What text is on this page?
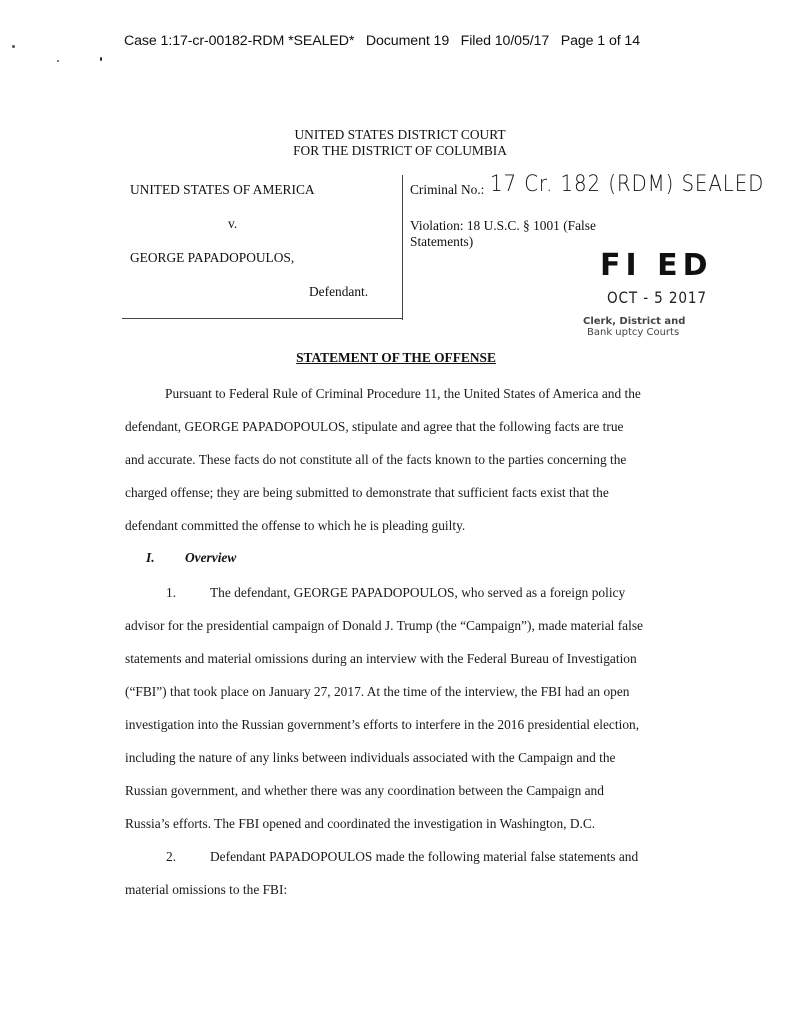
Case 1:17-cr-00182-RDM *SEALED* Document 19 Filed 10/05/17 Page 1 of 14
UNITED STATES DISTRICT COURT
FOR THE DISTRICT OF COLUMBIA
UNITED STATES OF AMERICA
v.
GEORGE PAPADOPOULOS,
Defendant.
Criminal No.: 17 Cr. 182 (RDM) SEALED
Violation: 18 U.S.C. § 1001 (False
Statements)
FI ED
OCT - 5 2017
Clerk, District and
Bank uptcy Courts
STATEMENT OF THE OFFENSE
Pursuant to Federal Rule of Criminal Procedure 11, the United States of America and the
defendant, GEORGE PAPADOPOULOS, stipulate and agree that the following facts are true
and accurate. These facts do not constitute all of the facts known to the parties concerning the
charged offense; they are being submitted to demonstrate that sufficient facts exist that the
defendant committed the offense to which he is pleading guilty.
I. Overview
1.	The defendant, GEORGE PAPADOPOULOS, who served as a foreign policy
advisor for the presidential campaign of Donald J. Trump (the “Campaign”), made material false
statements and material omissions during an interview with the Federal Bureau of Investigation
(“FBI”) that took place on January 27, 2017. At the time of the interview, the FBI had an open
investigation into the Russian government’s efforts to interfere in the 2016 presidential election,
including the nature of any links between individuals associated with the Campaign and the
Russian government, and whether there was any coordination between the Campaign and
Russia’s efforts. The FBI opened and coordinated the investigation in Washington, D.C.
2.	Defendant PAPADOPOULOS made the following material false statements and
material omissions to the FBI:
